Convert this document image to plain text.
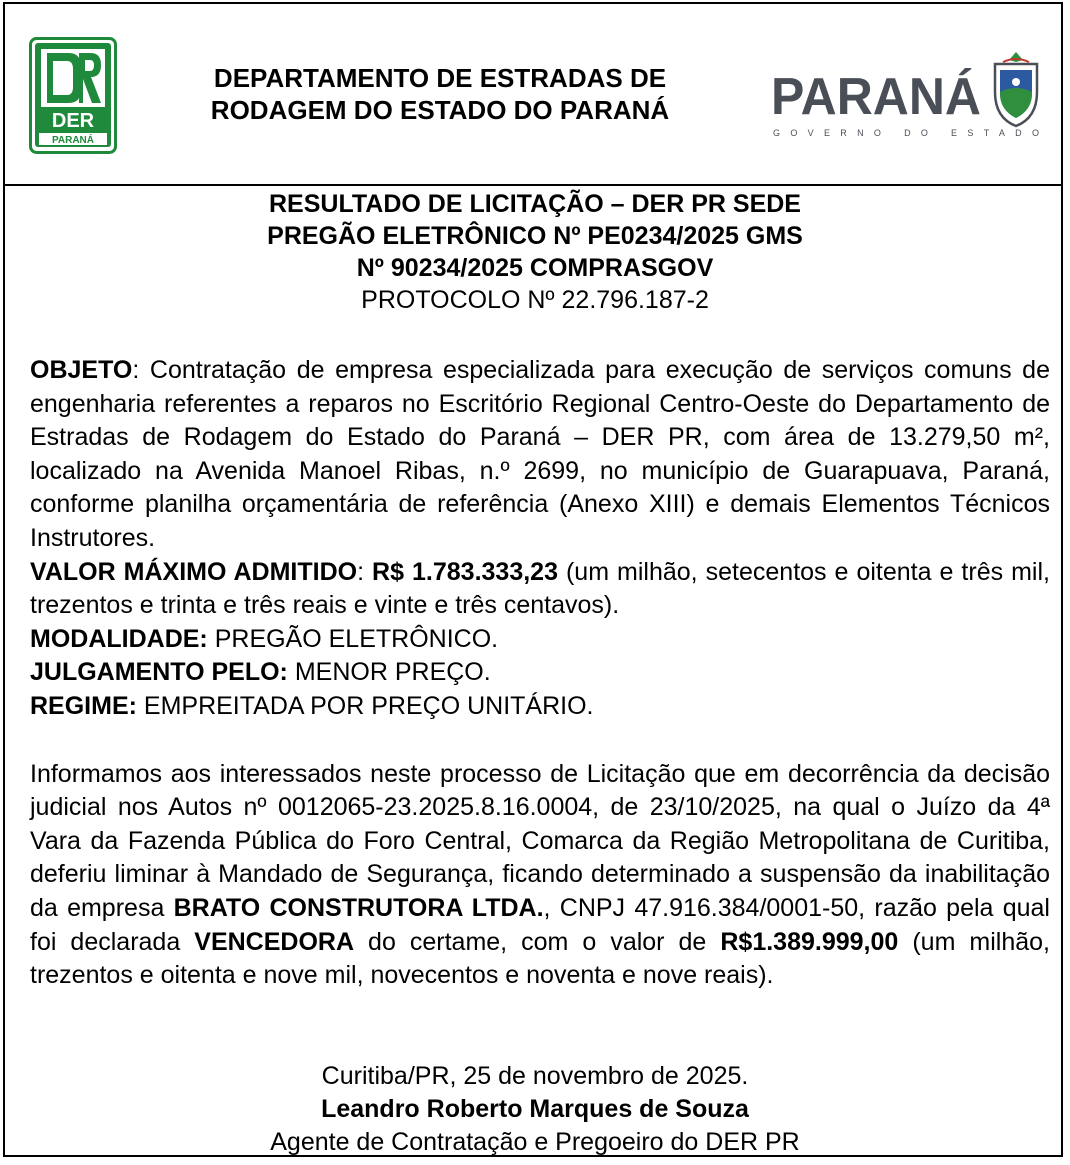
DER
PARANÁ
DEPARTAMENTO DE ESTRADAS DE
RODAGEM DO ESTADO DO PARANÁ	PARANÁ
GOVERNO DO ESTADO
RESULTADO DE LICITAÇÃO – DER PR SEDE
PREGÃO ELETRÔNICO Nº PE0234/2025 GMS
Nº 90234/2025 COMPRASGOV
PROTOCOLO Nº 22.796.187-2

OBJETO: Contratação de empresa especializada para execução de serviços comuns de engenharia referentes a reparos no Escritório Regional Centro-Oeste do Departamento de Estradas de Rodagem do Estado do Paraná – DER PR, com área de 13.279,50 m², localizado na Avenida Manoel Ribas, n.º 2699, no município de Guarapuava, Paraná, conforme planilha orçamentária de referência (Anexo XIII) e demais Elementos Técnicos Instrutores.

VALOR MÁXIMO ADMITIDO: R$ 1.783.333,23 (um milhão, setecentos e oitenta e três mil, trezentos e trinta e três reais e vinte e três centavos).

MODALIDADE: PREGÃO ELETRÔNICO.

JULGAMENTO PELO: MENOR PREÇO.

REGIME: EMPREITADA POR PREÇO UNITÁRIO.

Informamos aos interessados neste processo de Licitação que em decorrência da decisão judicial nos Autos nº 0012065-23.2025.8.16.0004, de 23/10/2025, na qual o Juízo da 4ª Vara da Fazenda Pública do Foro Central, Comarca da Região Metropolitana de Curitiba, deferiu liminar à Mandado de Segurança, ficando determinado a suspensão da inabilitação da empresa BRATO CONSTRUTORA LTDA., CNPJ 47.916.384/0001-50, razão pela qual foi declarada VENCEDORA do certame, com o valor de R$1.389.999,00 (um milhão, trezentos e oitenta e nove mil, novecentos e noventa e nove reais).

Curitiba/PR, 25 de novembro de 2025.
Leandro Roberto Marques de Souza
Agente de Contratação e Pregoeiro do DER PR
